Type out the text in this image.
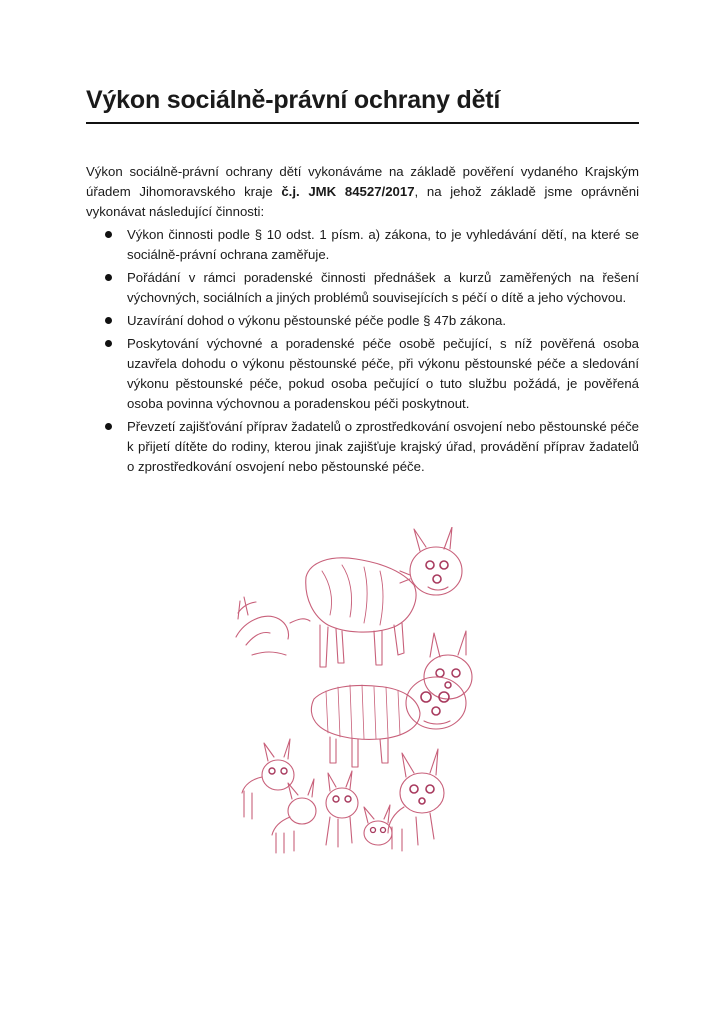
Výkon sociálně-právní ochrany dětí

Výkon sociálně-právní ochrany dětí vykonáváme na základě pověření vydaného Krajským úřadem Jihomoravského kraje č.j. JMK 84527/2017, na jehož základě jsme oprávněni vykonávat následující činnosti:

Výkon činnosti podle § 10 odst. 1 písm. a) zákona, to je vyhledávání dětí, na které se sociálně-právní ochrana zaměřuje.
Pořádání v rámci poradenské činnosti přednášek a kurzů zaměřených na řešení výchovných, sociálních a jiných problémů souvisejících s péčí o dítě a jeho výchovou.
Uzavírání dohod o výkonu pěstounské péče podle § 47b zákona.
Poskytování výchovné a poradenské péče osobě pečující, s níž pověřená osoba uzavřela dohodu o výkonu pěstounské péče, při výkonu pěstounské péče a sledování výkonu pěstounské péče, pokud osoba pečující o tuto službu požádá, je pověřená osoba povinna výchovnou a poradenskou péči poskytnout.
Převzetí zajišťování příprav žadatelů o zprostředkování osvojení nebo pěstounské péče k přijetí dítěte do rodiny, kterou jinak zajišťuje krajský úřad, provádění příprav žadatelů o zprostředkování osvojení nebo pěstounské péče.
